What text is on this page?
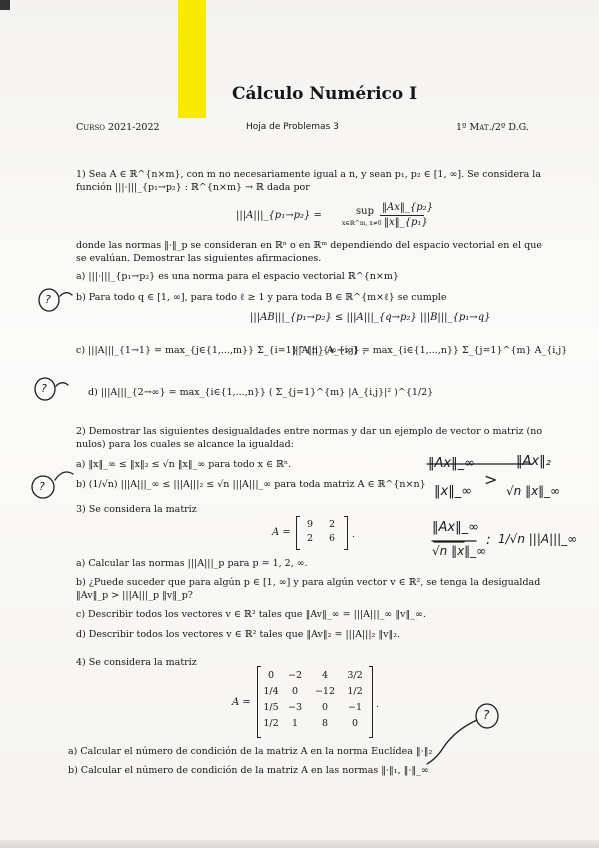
Cálculo Numérico I
Curso 2021-2022	Hoja de Problemas 3	1º Mat./2º D.G.
1) Sea A ∈ ℝ^{n×m}, con m no necesariamente igual a n, y sean p₁, p₂ ∈ [1, ∞]. Se considera la
función |||·|||_{p₁→p₂} : ℝ^{n×m} → ℝ dada por
|||A|||_{p₁→p₂} =	sup
x∈ℝ^m, x≠0
‖Ax‖_{p₂}
‖x‖_{p₁}
donde las normas ‖·‖_p se consideran en ℝⁿ o en ℝᵐ dependiendo del espacio vectorial en el que
se evalúan. Demostrar las siguientes afirmaciones.
a) |||·|||_{p₁→p₂} es una norma para el espacio vectorial ℝ^{n×m}
b) Para todo q ∈ [1, ∞], para todo ℓ ≥ 1 y para toda B ∈ ℝ^{m×ℓ} se cumple
|||AB|||_{p₁→p₂} ≤ |||A|||_{q→p₂} |||B|||_{p₁→q}
c) |||A|||_{1→1} = max_{j∈{1,...,m}} Σ_{i=1}^{n} A_{i,j} ,
|||A|||_{∞→∞} = max_{i∈{1,...,n}} Σ_{j=1}^{m} A_{i,j}
d) |||A|||_{2→∞} = max_{i∈{1,...,n}} ( Σ_{j=1}^{m} |A_{i,j}|² )^{1/2}
2) Demostrar las siguientes desigualdades entre normas y dar un ejemplo de vector o matriz (no
nulos) para los cuales se alcance la igualdad:
a) ‖x‖_∞ ≤ ‖x‖₂ ≤ √n ‖x‖_∞ para todo x ∈ ℝⁿ.
b) (1/√n) |||A|||_∞ ≤ |||A|||₂ ≤ √n |||A|||_∞ para toda matriz A ∈ ℝ^{n×n}
3) Se considera la matriz
A =
9	2
2	6	.
a) Calcular las normas |||A|||_p para p = 1, 2, ∞.
b) ¿Puede suceder que para algún p ∈ [1, ∞] y para algún vector v ∈ ℝ², se tenga la desigualdad
‖Av‖_p > |||A|||_p ‖v‖_p?
c) Describir todos los vectores v ∈ ℝ² tales que ‖Av‖_∞ = |||A|||_∞ ‖v‖_∞.
d) Describir todos los vectores v ∈ ℝ² tales que ‖Av‖₂ = |||A|||₂ ‖v‖₂.
4) Se considera la matriz
A =
0	−2	4	3/2
1/4	0	−12	1/2
1/5 −3	0	−1
1/2	1	8	0
.
a) Calcular el número de condición de la matriz A en la norma Euclídea ‖·‖₂
b) Calcular el número de condición de la matriz A en las normas ‖·‖₁, ‖·‖_∞
?
?
?
?
‖Ax‖_∞
‖x‖_∞
>
‖Ax‖₂
√n ‖x‖_∞
‖Ax‖_∞
√n ‖x‖_∞
: 1/√n |||A|||_∞
